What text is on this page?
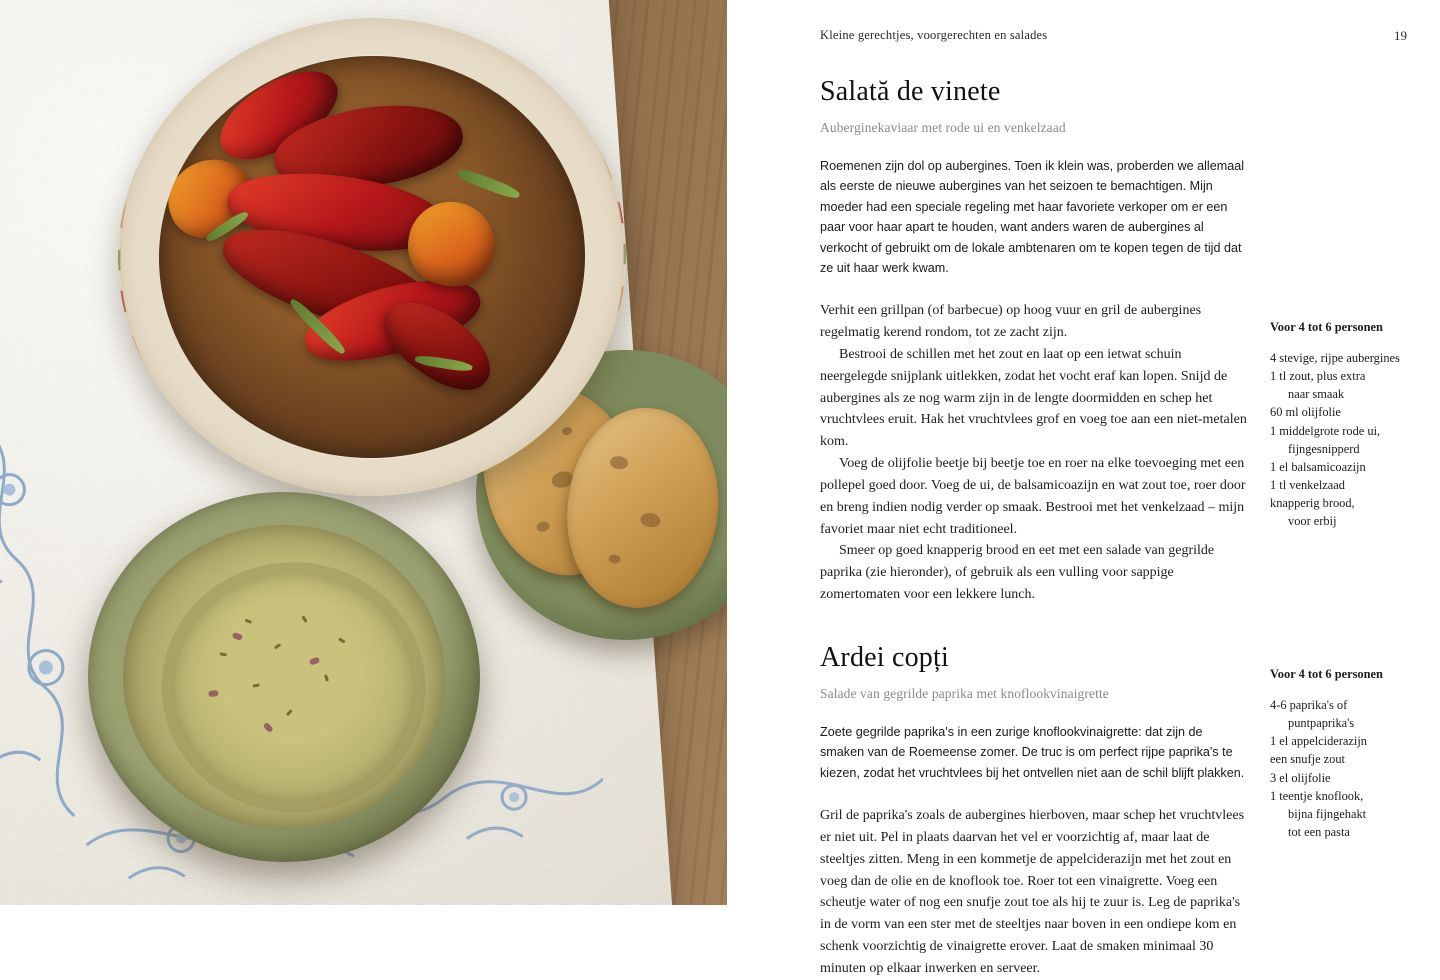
Kleine gerechtjes, voorgerechten en salades	19
Salată de vinete

Auberginekaviaar met rode ui en venkelzaad

Roemenen zijn dol op aubergines. Toen ik klein was, proberden we allemaal als eerste de nieuwe aubergines van het seizoen te bemachtigen. Mijn moeder had een speciale regeling met haar favoriete verkoper om er een paar voor haar apart te houden, want anders waren de aubergines al verkocht of gebruikt om de lokale ambtenaren om te kopen tegen de tijd dat ze uit haar werk kwam.

Verhit een grillpan (of barbecue) op hoog vuur en gril de aubergines regelmatig kerend rondom, tot ze zacht zijn.

Bestrooi de schillen met het zout en laat op een ietwat schuin neergelegde snijplank uitlekken, zodat het vocht eraf kan lopen. Snijd de aubergines als ze nog warm zijn in de lengte doormidden en schep het vruchtvlees eruit. Hak het vruchtvlees grof en voeg toe aan een niet-metalen kom.

Voeg de olijfolie beetje bij beetje toe en roer na elke toevoeging met een pollepel goed door. Voeg de ui, de balsamicoazijn en wat zout toe, roer door en breng indien nodig verder op smaak. Bestrooi met het venkelzaad – mijn favoriet maar niet echt traditioneel.

Smeer op goed knapperig brood en eet met een salade van gegrilde paprika (zie hieronder), of gebruik als een vulling voor sappige zomertomaten voor een lekkere lunch.

Ardei copți

Salade van gegrilde paprika met knoflookvinaigrette

Zoete gegrilde paprika's in een zurige knoflookvinaigrette: dat zijn de smaken van de Roemeense zomer. De truc is om perfect rijpe paprika's te kiezen, zodat het vruchtvlees bij het ontvellen niet aan de schil blijft plakken.

Gril de paprika's zoals de aubergines hierboven, maar schep het vruchtvlees er niet uit. Pel in plaats daarvan het vel er voorzichtig af, maar laat de steeltjes zitten. Meng in een kommetje de appelciderazijn met het zout en voeg dan de olie en de knoflook toe. Roer tot een vinaigrette. Voeg een scheutje water of nog een snufje zout toe als hij te zuur is. Leg de paprika's in de vorm van een ster met de steeltjes naar boven in een ondiepe kom en schenk voorzichtig de vinaigrette erover. Laat de smaken minimaal 30 minuten op elkaar inwerken en serveer.

Voor 4 tot 6 personen
4 stevige, rijpe aubergines
1 tl zout, plus extra
naar smaak
60 ml olijfolie
1 middelgrote rode ui,
fijngesnipperd
1 el balsamicoazijn
1 tl venkelzaad
knapperig brood,
voor erbij
Voor 4 tot 6 personen
4-6 paprika's of
puntpaprika's
1 el appelciderazijn
een snufje zout
3 el olijfolie
1 teentje knoflook,
bijna fijngehakt
tot een pasta
